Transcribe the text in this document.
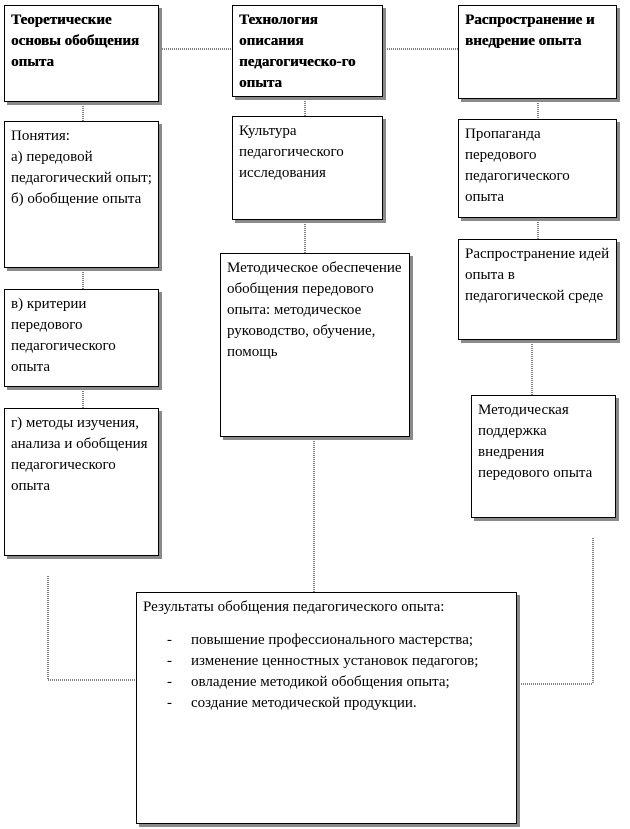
Теоретические основы обобщения опыта
Понятия:
а) передовой педагогический опыт;
б) обобщение опыта
в) критерии передового педагогического опыта
г) методы изучения, анализа и обобщения педагогического опыта
Технология описания педагогическо-го опыта
Культура педагогического исследования
Методическое обеспечение обобщения передового опыта: методическое руководство, обучение, помощь
Распространение и внедрение опыта
Пропаганда передового педагогического опыта
Распространение идей опыта в педагогической среде
Методическая поддержка внедрения передового опыта
Результаты обобщения педагогического опыта:
- повышение профессионального мастерства;
- изменение ценностных установок педагогов;
- овладение методикой обобщения опыта;
- создание методической продукции.
